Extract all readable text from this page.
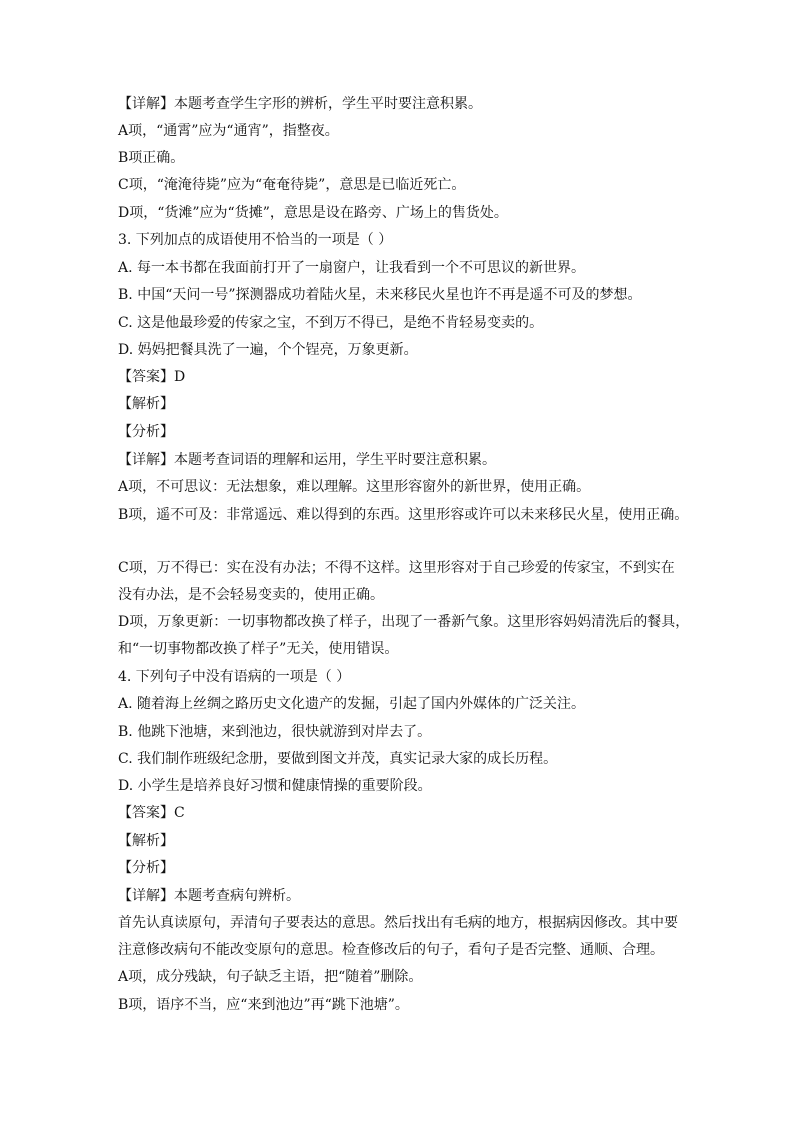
【详解】本题考查学生字形的辨析，学生平时要注意积累。
A项，“通霄”应为“通宵”，指整夜。
B项正确。
C项，“淹淹待毙”应为“奄奄待毙”，意思是已临近死亡。
D项，“货滩”应为“货摊”，意思是设在路旁、广场上的售货处。
3. 下列加点的成语使用不恰当的一项是（ ）
A. 每一本书都在我面前打开了一扇窗户，让我看到一个不可思议的新世界。
B. 中国“天问一号”探测器成功着陆火星，未来移民火星也许不再是遥不可及的梦想。
C. 这是他最珍爱的传家之宝，不到万不得已，是绝不肯轻易变卖的。
D. 妈妈把餐具洗了一遍，个个锃亮，万象更新。
【答案】D
【解析】
【分析】
【详解】本题考查词语的理解和运用，学生平时要注意积累。
A项，不可思议：无法想象，难以理解。这里形容窗外的新世界，使用正确。
B项，遥不可及：非常遥远、难以得到的东西。这里形容或许可以未来移民火星，使用正确。
C项，万不得已：实在没有办法；不得不这样。这里形容对于自己珍爱的传家宝，不到实在
没有办法，是不会轻易变卖的，使用正确。
D项，万象更新：一切事物都改换了样子，出现了一番新气象。这里形容妈妈清洗后的餐具，
和“一切事物都改换了样子”无关，使用错误。
4. 下列句子中没有语病的一项是（ ）
A. 随着海上丝绸之路历史文化遗产的发掘，引起了国内外媒体的广泛关注。
B. 他跳下池塘，来到池边，很快就游到对岸去了。
C. 我们制作班级纪念册，要做到图文并茂，真实记录大家的成长历程。
D. 小学生是培养良好习惯和健康情操的重要阶段。
【答案】C
【解析】
【分析】
【详解】本题考查病句辨析。
首先认真读原句，弄清句子要表达的意思。然后找出有毛病的地方，根据病因修改。其中要
注意修改病句不能改变原句的意思。检查修改后的句子，看句子是否完整、通顺、合理。
A项，成分残缺，句子缺乏主语，把“随着”删除。
B项，语序不当，应“来到池边”再“跳下池塘”。
